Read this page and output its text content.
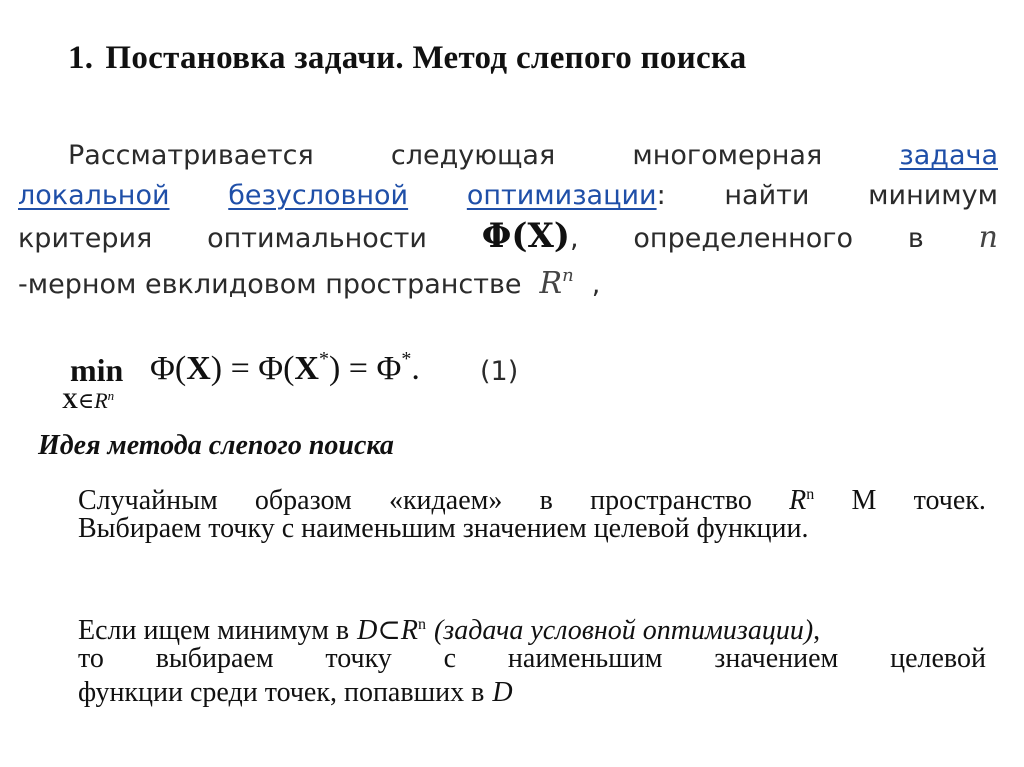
1. Постановка задачи. Метод слепого поиска
Рассматривается	следующая	многомерная	задача
локальной безусловной оптимизации: найти минимум
критерия оптимальности Φ(X), определенного в n
-мерном евклидовом пространстве $R^n$ ,
min
$X\in R^n$
Φ(X) = Φ(X*) = Φ*. (1)
Идея метода слепого поиска
Случайным образом «кидаем» в пространство $R^n$ M точек.
Выбираем точку с наименьшим значением целевой функции.
Если ищем минимум в $D\subset R^n$ (задача условной оптимизации),
то выбираем точку с наименьшим значением целевой
функции среди точек, попавших в D
